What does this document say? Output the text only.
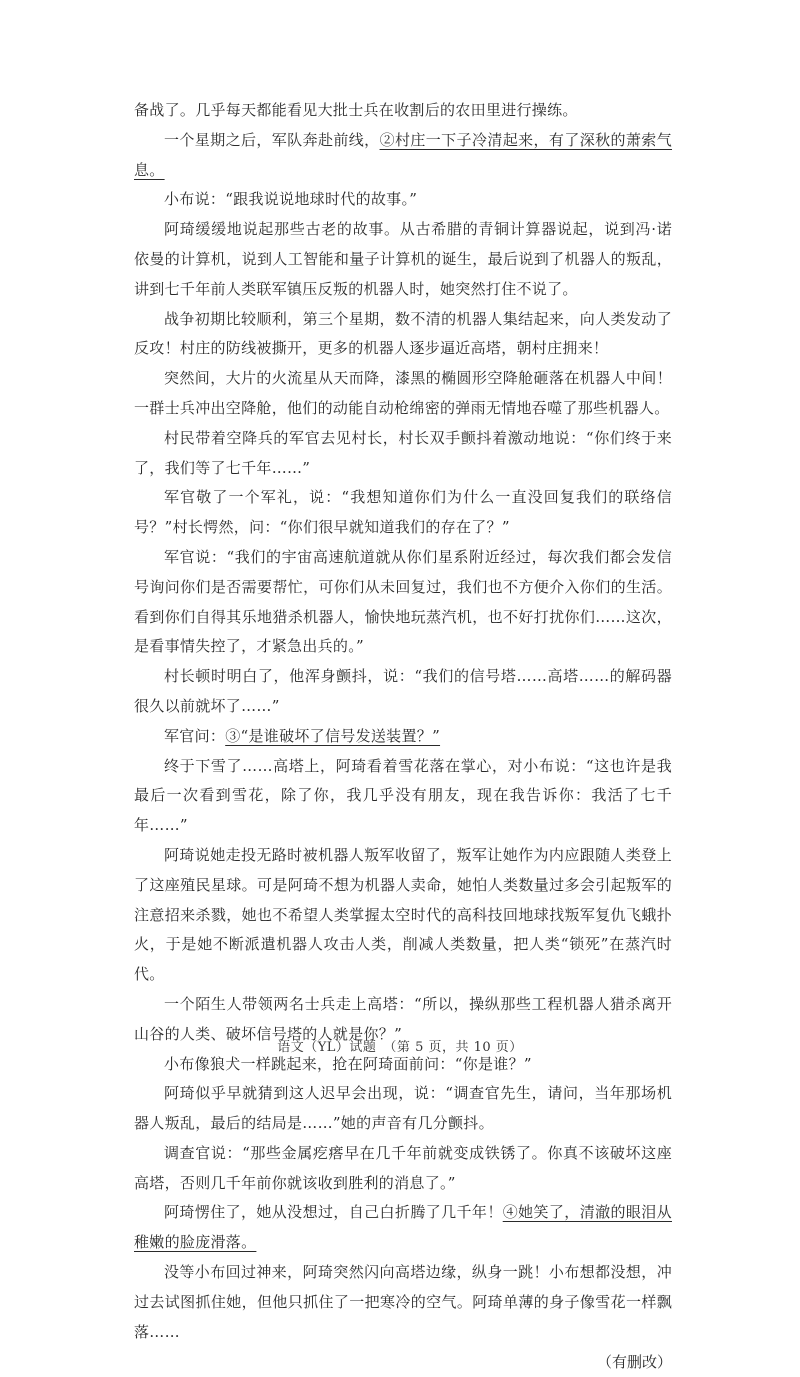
备战了。几乎每天都能看见大批士兵在收割后的农田里进行操练。

一个星期之后，军队奔赴前线，②村庄一下子冷清起来，有了深秋的萧索气息。

小布说：“跟我说说地球时代的故事。”

阿琦缓缓地说起那些古老的故事。从古希腊的青铜计算器说起，说到冯·诺依曼的计算机，说到人工智能和量子计算机的诞生，最后说到了机器人的叛乱，讲到七千年前人类联军镇压反叛的机器人时，她突然打住不说了。

战争初期比较顺利，第三个星期，数不清的机器人集结起来，向人类发动了反攻！村庄的防线被撕开，更多的机器人逐步逼近高塔，朝村庄拥来！

突然间，大片的火流星从天而降，漆黑的椭圆形空降舱砸落在机器人中间！一群士兵冲出空降舱，他们的动能自动枪绵密的弹雨无情地吞噬了那些机器人。

村民带着空降兵的军官去见村长，村长双手颤抖着激动地说：“你们终于来了，我们等了七千年……”

军官敬了一个军礼，说：“我想知道你们为什么一直没回复我们的联络信号？”村长愕然，问：“你们很早就知道我们的存在了？”

军官说：“我们的宇宙高速航道就从你们星系附近经过，每次我们都会发信号询问你们是否需要帮忙，可你们从未回复过，我们也不方便介入你们的生活。看到你们自得其乐地猎杀机器人，愉快地玩蒸汽机，也不好打扰你们……这次，是看事情失控了，才紧急出兵的。”

村长顿时明白了，他浑身颤抖，说：“我们的信号塔……高塔……的解码器很久以前就坏了……”

军官问：③“是谁破坏了信号发送装置？”

终于下雪了……高塔上，阿琦看着雪花落在掌心，对小布说：“这也许是我最后一次看到雪花，除了你，我几乎没有朋友，现在我告诉你：我活了七千年……”

阿琦说她走投无路时被机器人叛军收留了，叛军让她作为内应跟随人类登上了这座殖民星球。可是阿琦不想为机器人卖命，她怕人类数量过多会引起叛军的注意招来杀戮，她也不希望人类掌握太空时代的高科技回地球找叛军复仇飞蛾扑火，于是她不断派遣机器人攻击人类，削减人类数量，把人类“锁死”在蒸汽时代。

一个陌生人带领两名士兵走上高塔：“所以，操纵那些工程机器人猎杀离开山谷的人类、破坏信号塔的人就是你？”

小布像狼犬一样跳起来，抢在阿琦面前问：“你是谁？”

阿琦似乎早就猜到这人迟早会出现，说：“调查官先生，请问，当年那场机器人叛乱，最后的结局是……”她的声音有几分颤抖。

调查官说：“那些金属疙瘩早在几千年前就变成铁锈了。你真不该破坏这座高塔，否则几千年前你就该收到胜利的消息了。”

阿琦愣住了，她从没想过，自己白折腾了几千年！④她笑了，清澈的眼泪从稚嫩的脸庞滑落。

没等小布回过神来，阿琦突然闪向高塔边缘，纵身一跳！小布想都没想，冲过去试图抓住她，但他只抓住了一把寒冷的空气。阿琦单薄的身子像雪花一样飘落……

（有删改）

语文（YL）试题　（第 5 页，共 10 页）
